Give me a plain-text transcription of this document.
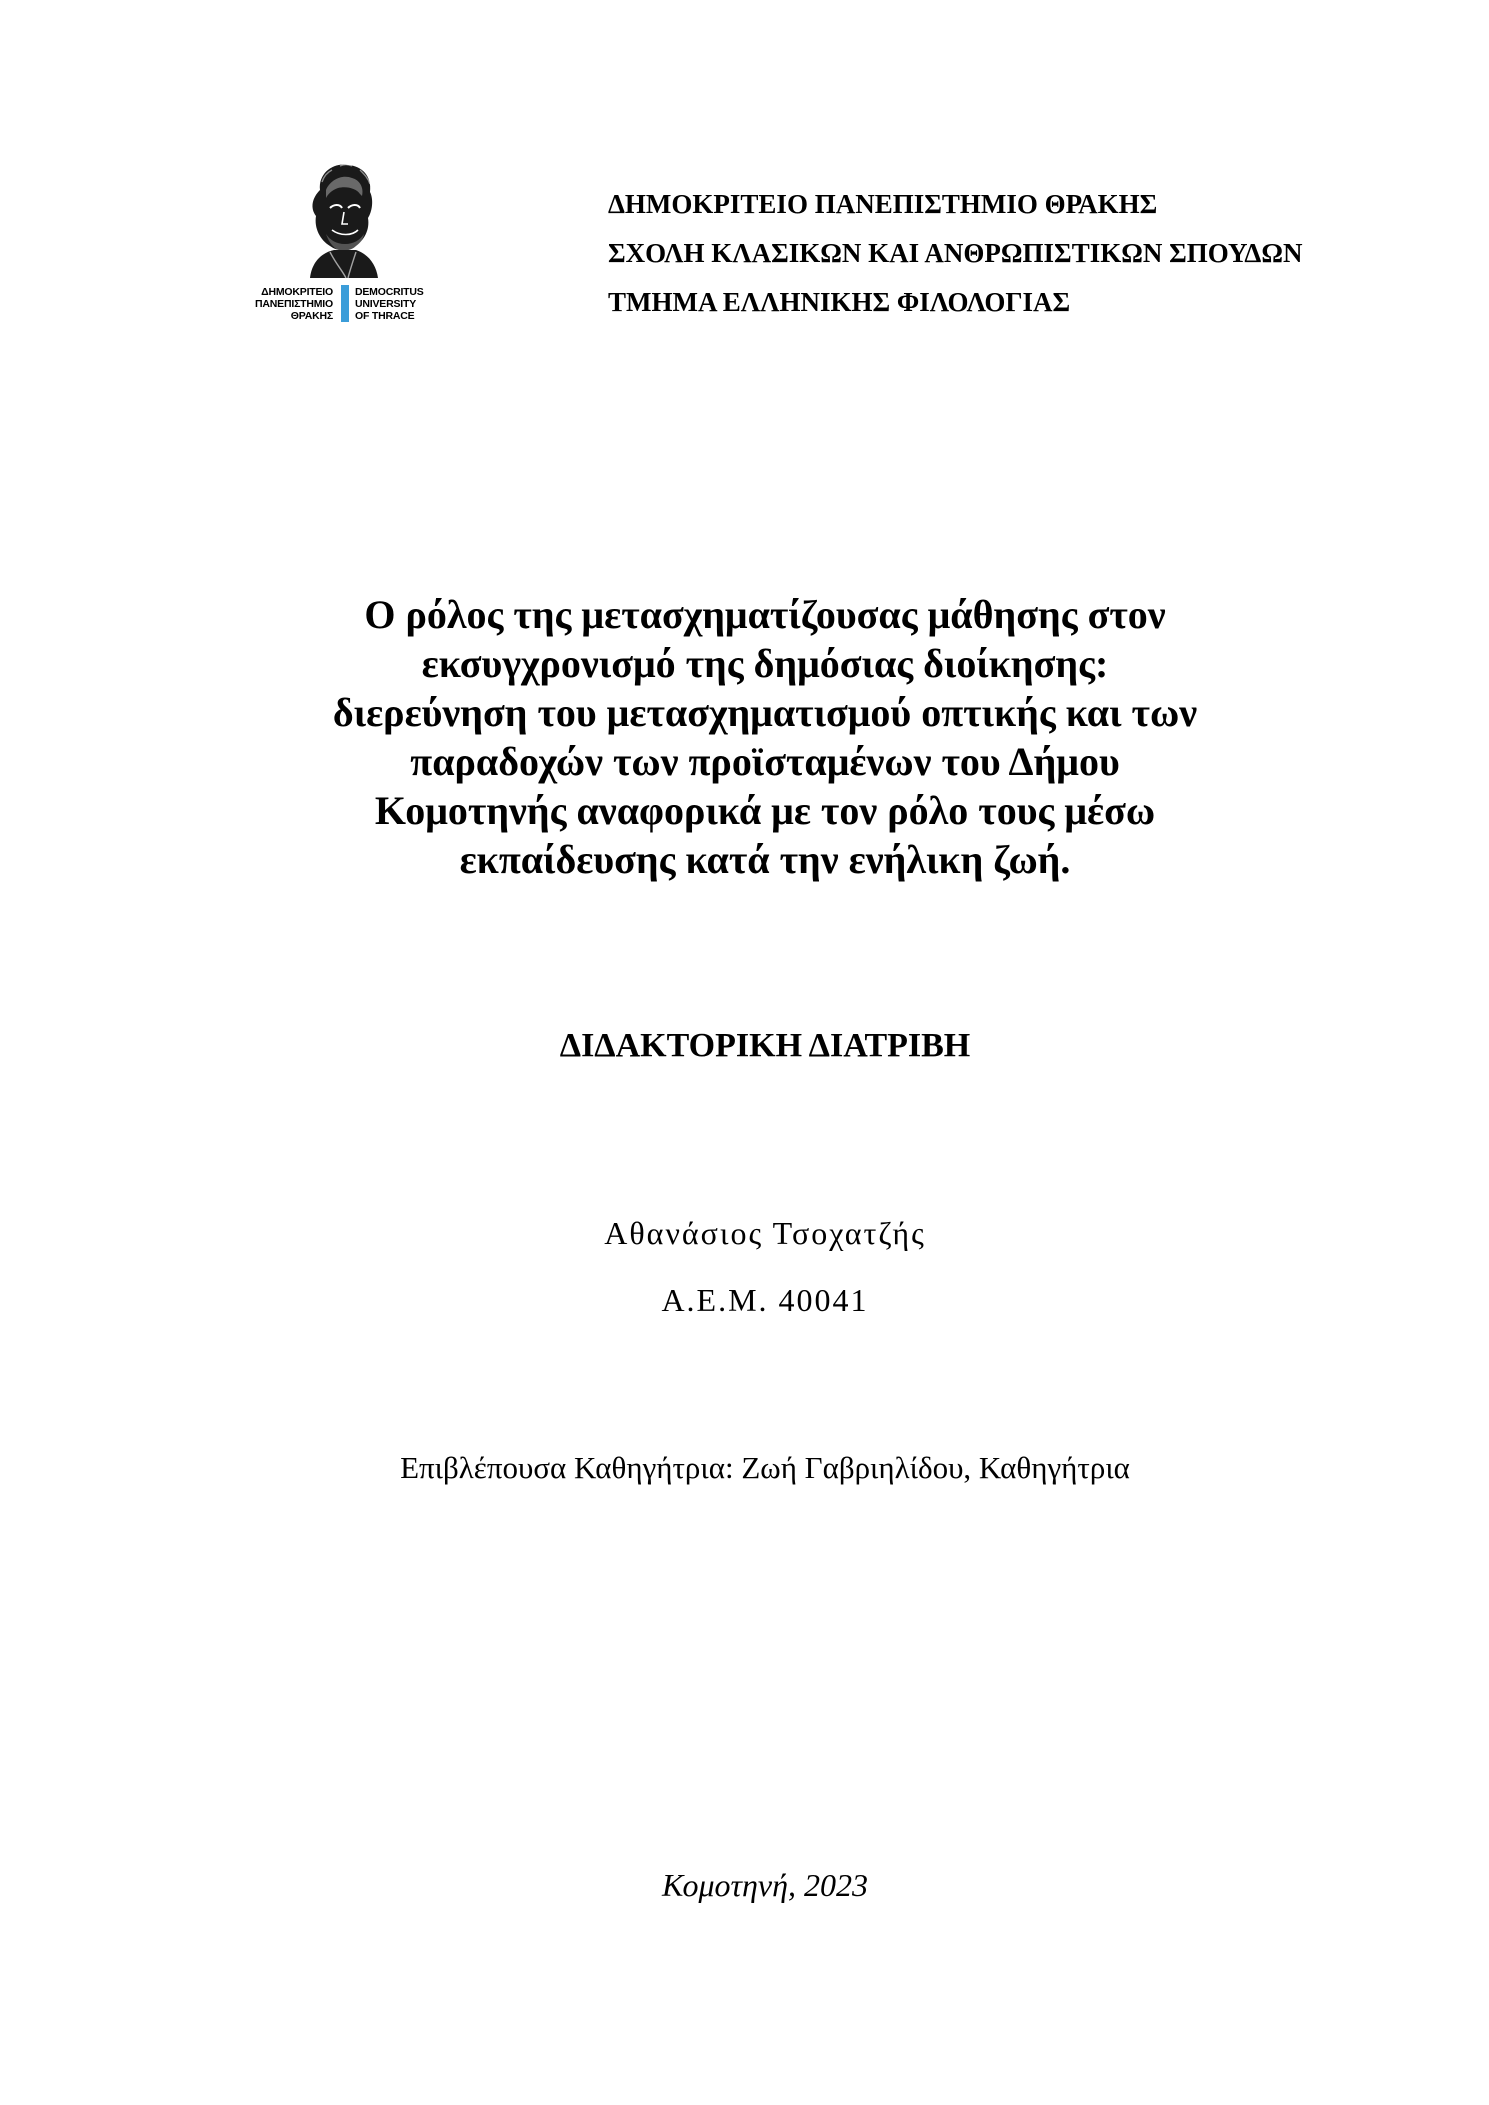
ΔΗΜΟΚΡΙΤΕΙΟ
ΠΑΝΕΠΙΣΤΗΜΙΟ
ΘΡΑΚΗΣ
DEMOCRITUS
UNIVERSITY
OF THRACE
ΔΗΜΟΚΡΙΤΕΙΟ ΠΑΝΕΠΙΣΤΗΜΙΟ ΘΡΑΚΗΣ
ΣΧΟΛΗ ΚΛΑΣΙΚΩΝ ΚΑΙ ΑΝΘΡΩΠΙΣΤΙΚΩΝ ΣΠΟΥΔΩΝ
ΤΜΗΜΑ ΕΛΛΗΝΙΚΗΣ ΦΙΛΟΛΟΓΙΑΣ
Ο ρόλος της μετασχηματίζουσας μάθησης στον
εκσυγχρονισμό της δημόσιας διοίκησης:
διερεύνηση του μετασχηματισμού οπτικής και των
παραδοχών των προϊσταμένων του Δήμου
Κομοτηνής αναφορικά με τον ρόλο τους μέσω
εκπαίδευσης κατά την ενήλικη ζωή.
ΔΙΔΑΚΤΟΡΙΚΗ ΔΙΑΤΡΙΒΗ
Αθανάσιος Τσοχατζής
Α.Ε.Μ. 40041
Επιβλέπουσα Καθηγήτρια: Ζωή Γαβριηλίδου, Καθηγήτρια
Κομοτηνή, 2023
